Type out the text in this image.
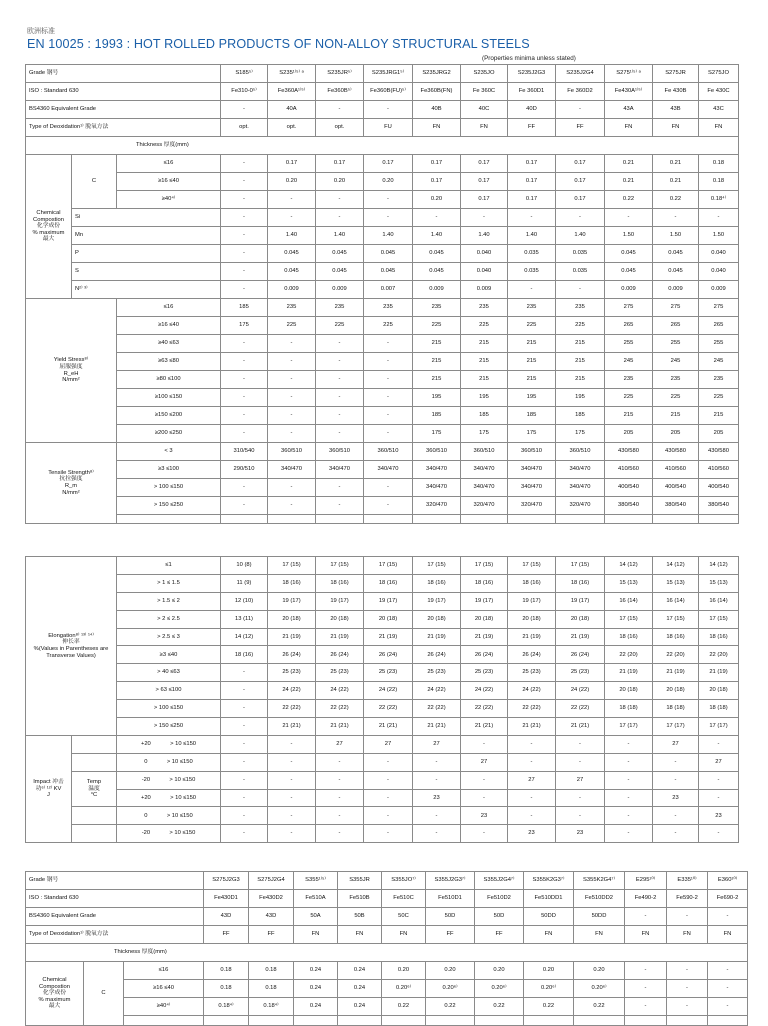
欧洲标准
EN 10025 : 1993 : HOT ROLLED PRODUCTS OF NON-ALLOY STRUCTURAL STEELS
(Properties minima unless stated)
Grade 钢号			S185⁵⁾	S235¹⁾⁵⁾ ᵃ	S235JR⁵⁾	S235JRG1⁵⁾	S235JRG2	S235JO	S235J2G3	S235J2G4	S275¹⁾⁵⁾ ᵃ	S275JR	S275JO
ISO : Standard 630			Fe310-0⁵⁾	Fe360A¹⁾⁵⁾	Fe360B⁵⁾	Fe360B(FU)⁵⁾	Fe360B(FN)	Fe 360C	Fe 360D1	Fe 360D2	Fe430A¹⁾⁵⁾	Fe 430B	Fe 430C
BS4360 Equivalent Grade			-	40A	-	-	40B	40C	40D	-	43A	43B	43C
Type of Deoxidation¹⁾ 脱氧方法			opt.	opt.	opt.	FU	FN	FN	FF	FF	FN	FN	FN
Thickness 厚度(mm)													

Chemical
Compostion
化学成份
% maximum
最大	C	≤16	-	0.17	0.17	0.17	0.17	0.17	0.17	0.17	0.21	0.21	0.18
		≥16 ≤40	-	0.20	0.20	0.20	0.17	0.17	0.17	0.17	0.21	0.21	0.18
		≥40⁴⁾	-	-	-	-	0.20	0.17	0.17	0.17	0.22	0.22	0.18⁴⁾
	Si		-	-	-	-	-	-	-	-	-	-	-
	Mn		-	1.40	1.40	1.40	1.40	1.40	1.40	1.40	1.50	1.50	1.50
	P		-	0.045	0.045	0.045	0.045	0.040	0.035	0.035	0.045	0.045	0.040
	S		-	0.045	0.045	0.045	0.045	0.040	0.035	0.035	0.045	0.045	0.040
	N²⁾ ³⁾		-	0.009	0.009	0.007	0.009	0.009	-	-	0.009	0.009	0.009

Yield Stress⁸⁾
屈服强度
R_eH
N/mm²		≤16	185	235	235	235	235	235	235	235	275	275	275
		≥16 ≤40	175	225	225	225	225	225	225	225	265	265	265
		≥40 ≤63	-	-	-	-	215	215	215	215	255	255	255
		≥63 ≤80	-	-	-	-	215	215	215	215	245	245	245
		≥80 ≤100	-	-	-	-	215	215	215	215	235	235	235
		≥100 ≤150	-	-	-	-	195	195	195	195	225	225	225
		≥150 ≤200	-	-	-	-	185	185	185	185	215	215	215
		≥200 ≤250	-	-	-	-	175	175	175	175	205	205	205

Tensile Strength⁸⁾
抗拉强度
R_m
N/mm²		< 3	310/540	360/510	360/510	360/510	360/510	360/510	360/510	360/510	430/580	430/580	430/580
		≥3 ≤100	290/510	340/470	340/470	340/470	340/470	340/470	340/470	340/470	410/560	410/560	410/560
		> 100 ≤150	-	-	-	-	340/470	340/470	340/470	340/470	400/540	400/540	400/540
		> 150 ≤250	-	-	-	-	320/470	320/470	320/470	320/470	380/540	380/540	380/540

Elongation⁸⁾ ¹³⁾ ¹⁴⁾
伸长率
%(Values in Parentheses are
Transverse Values)		≤1	10 (8)	17 (15)	17 (15)	17 (15)	17 (15)	17 (15)	17 (15)	17 (15)	14 (12)	14 (12)	14 (12)
		> 1 ≤ 1.5	11 (9)	18 (16)	18 (16)	18 (16)	18 (16)	18 (16)	18 (16)	18 (16)	15 (13)	15 (13)	15 (13)
		> 1.5 ≤ 2	12 (10)	19 (17)	19 (17)	19 (17)	19 (17)	19 (17)	19 (17)	19 (17)	16 (14)	16 (14)	16 (14)
		> 2 ≤ 2.5	13 (11)	20 (18)	20 (18)	20 (18)	20 (18)	20 (18)	20 (18)	20 (18)	17 (15)	17 (15)	17 (15)
		> 2.5 ≤ 3	14 (12)	21 (19)	21 (19)	21 (19)	21 (19)	21 (19)	21 (19)	21 (19)	18 (16)	18 (16)	18 (16)
		≥3 ≤40	18 (16)	26 (24)	26 (24)	26 (24)	26 (24)	26 (24)	26 (24)	26 (24)	22 (20)	22 (20)	22 (20)
		> 40 ≤63	-	25 (23)	25 (23)	25 (23)	25 (23)	25 (23)	25 (23)	25 (23)	21 (19)	21 (19)	21 (19)
		> 63 ≤100	-	24 (22)	24 (22)	24 (22)	24 (22)	24 (22)	24 (22)	24 (22)	20 (18)	20 (18)	20 (18)
		> 100 ≤150	-	22 (22)	22 (22)	22 (22)	22 (22)	22 (22)	22 (22)	22 (22)	18 (18)	18 (18)	18 (18)
		> 150 ≤250	-	21 (21)	21 (21)	21 (21)	21 (21)	21 (21)	21 (21)	21 (21)	17 (17)	17 (17)	17 (17)

Impact 冲击
功⁶⁾ ¹²⁾ KV
J		+20            > 10 ≤150	-	-	27	27	27	-	-	-	-	27	-

		0            > 10 ≤150	-	-	-	-	-	27	-	-	-	-	27

	Temp
温度
°C	-20            > 10 ≤150	-	-	-	-	-	-	27	27	-	-	-

		+20            > 10 ≤150	-	-	-	-	23	-	-	-	-	23	-

		0            > 10 ≤150	-	-	-	-	-	23	-	-	-	-	23

		-20            > 10 ≤150	-	-	-	-	-	-	23	23	-	-	-
Grade 钢号			S275J2G3	S275J2G4	S355¹⁾⁵⁾	S355JR	S355JO⁷⁾	S355J2G3⁷⁾	S355J2G4⁷⁾	S355K2G3⁷⁾	S355K2G4⁷⁾	E295¹⁰⁾	E335¹⁰⁾	E360¹⁰⁾
ISO : Standard 630			Fe430D1	Fe430D2	Fe510A	Fe510B	Fe510C	Fe510D1	Fe510D2	Fe510DD1	Fe510DD2	Fe490-2	Fe590-2	Fe690-2
BS4360 Equivalent Grade			43D	43D	50A	50B	50C	50D	50D	50DD	50DD	-	-	-
Type of Deoxidation¹⁾ 脱氧方法			FF	FF	FN	FN	FN	FF	FF	FN	FN	FN	FN	FN
Thickness 厚度(mm)														

Chemical
Compostion
化学成份
% maximum
最大	C	≤16	0.18	0.18	0.24	0.24	0.20	0.20	0.20	0.20	0.20	-	-	-
		≥16 ≤40	0.18	0.18	0.24	0.24	0.20⁶⁾	0.20⁶⁾	0.20⁶⁾	0.20⁶⁾	0.20⁶⁾	-	-	-
		≥40⁴⁾	0.18⁴⁾	0.18⁴⁾	0.24	0.24	0.22	0.22	0.22	0.22	0.22	-	-	-
